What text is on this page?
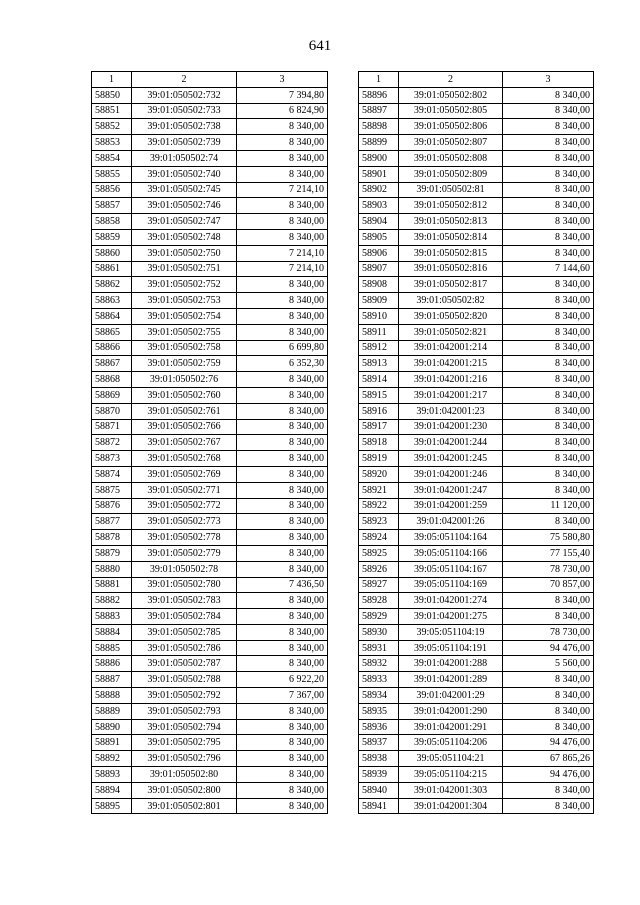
641
1	2	3
58850	39:01:050502:732	7 394,80
58851	39:01:050502:733	6 824,90
58852	39:01:050502:738	8 340,00
58853	39:01:050502:739	8 340,00
58854	39:01:050502:74	8 340,00
58855	39:01:050502:740	8 340,00
58856	39:01:050502:745	7 214,10
58857	39:01:050502:746	8 340,00
58858	39:01:050502:747	8 340,00
58859	39:01:050502:748	8 340,00
58860	39:01:050502:750	7 214,10
58861	39:01:050502:751	7 214,10
58862	39:01:050502:752	8 340,00
58863	39:01:050502:753	8 340,00
58864	39:01:050502:754	8 340,00
58865	39:01:050502:755	8 340,00
58866	39:01:050502:758	6 699,80
58867	39:01:050502:759	6 352,30
58868	39:01:050502:76	8 340,00
58869	39:01:050502:760	8 340,00
58870	39:01:050502:761	8 340,00
58871	39:01:050502:766	8 340,00
58872	39:01:050502:767	8 340,00
58873	39:01:050502:768	8 340,00
58874	39:01:050502:769	8 340,00
58875	39:01:050502:771	8 340,00
58876	39:01:050502:772	8 340,00
58877	39:01:050502:773	8 340,00
58878	39:01:050502:778	8 340,00
58879	39:01:050502:779	8 340,00
58880	39:01:050502:78	8 340,00
58881	39:01:050502:780	7 436,50
58882	39:01:050502:783	8 340,00
58883	39:01:050502:784	8 340,00
58884	39:01:050502:785	8 340,00
58885	39:01:050502:786	8 340,00
58886	39:01:050502:787	8 340,00
58887	39:01:050502:788	6 922,20
58888	39:01:050502:792	7 367,00
58889	39:01:050502:793	8 340,00
58890	39:01:050502:794	8 340,00
58891	39:01:050502:795	8 340,00
58892	39:01:050502:796	8 340,00
58893	39:01:050502:80	8 340,00
58894	39:01:050502:800	8 340,00
58895	39:01:050502:801	8 340,00
1	2	3
58896	39:01:050502:802	8 340,00
58897	39:01:050502:805	8 340,00
58898	39:01:050502:806	8 340,00
58899	39:01:050502:807	8 340,00
58900	39:01:050502:808	8 340,00
58901	39:01:050502:809	8 340,00
58902	39:01:050502:81	8 340,00
58903	39:01:050502:812	8 340,00
58904	39:01:050502:813	8 340,00
58905	39:01:050502:814	8 340,00
58906	39:01:050502:815	8 340,00
58907	39:01:050502:816	7 144,60
58908	39:01:050502:817	8 340,00
58909	39:01:050502:82	8 340,00
58910	39:01:050502:820	8 340,00
58911	39:01:050502:821	8 340,00
58912	39:01:042001:214	8 340,00
58913	39:01:042001:215	8 340,00
58914	39:01:042001:216	8 340,00
58915	39:01:042001:217	8 340,00
58916	39:01:042001:23	8 340,00
58917	39:01:042001:230	8 340,00
58918	39:01:042001:244	8 340,00
58919	39:01:042001:245	8 340,00
58920	39:01:042001:246	8 340,00
58921	39:01:042001:247	8 340,00
58922	39:01:042001:259	11 120,00
58923	39:01:042001:26	8 340,00
58924	39:05:051104:164	75 580,80
58925	39:05:051104:166	77 155,40
58926	39:05:051104:167	78 730,00
58927	39:05:051104:169	70 857,00
58928	39:01:042001:274	8 340,00
58929	39:01:042001:275	8 340,00
58930	39:05:051104:19	78 730,00
58931	39:05:051104:191	94 476,00
58932	39:01:042001:288	5 560,00
58933	39:01:042001:289	8 340,00
58934	39:01:042001:29	8 340,00
58935	39:01:042001:290	8 340,00
58936	39:01:042001:291	8 340,00
58937	39:05:051104:206	94 476,00
58938	39:05:051104:21	67 865,26
58939	39:05:051104:215	94 476,00
58940	39:01:042001:303	8 340,00
58941	39:01:042001:304	8 340,00
